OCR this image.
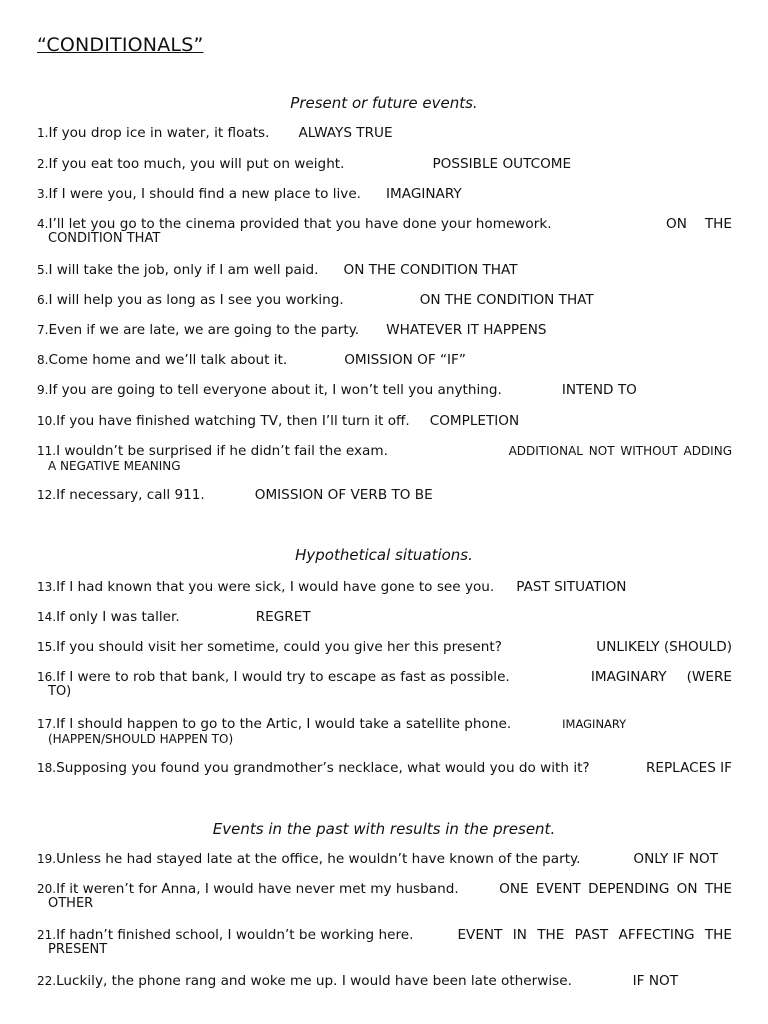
“CONDITIONALS”
Present or future events.
Hypothetical situations.
Events in the past with results in the present.
1. If you drop ice in water, it floats. ALWAYS TRUE
2. If you eat too much, you will put on weight.	POSSIBLE OUTCOME
3. If I were you, I should find a new place to live. IMAGINARY
4. I’ll let you go to the cinema provided that you have done your homework.	ON THE
CONDITION THAT
5. I will take the job, only if I am well paid. ON THE CONDITION THAT
6. I will help you as long as I see you working.	ON THE CONDITION THAT
7. Even if we are late, we are going to the party. WHATEVER IT HAPPENS
8. Come home and we’ll talk about it.	OMISSION OF “IF”
9. If you are going to tell everyone about it, I won’t tell you anything.	INTEND TO
10. If you have finished watching TV, then I’ll turn it off. COMPLETION
11. I wouldn’t be surprised if he didn’t fail the exam.	ADDITIONAL NOT WITHOUT ADDING
A NEGATIVE MEANING
12. If necessary, call 911.	OMISSION OF VERB TO BE
13. If I had known that you were sick, I would have gone to see you. PAST SITUATION
14. If only I was taller.	REGRET
15. If you should visit her sometime, could you give her this present?	UNLIKELY (SHOULD)
16. If I were to rob that bank, I would try to escape as fast as possible.	IMAGINARY (WERE
TO)
17. If I should happen to go to the Artic, I would take a satellite phone.	IMAGINARY
(HAPPEN/SHOULD HAPPEN TO)
18. Supposing you found you grandmother’s necklace, what would you do with it?	REPLACES IF
19. Unless he had stayed late at the office, he wouldn’t have known of the party.	ONLY IF NOT
20. If it weren’t for Anna, I would have never met my husband.	ONE EVENT DEPENDING ON THE
OTHER
21. If hadn’t finished school, I wouldn’t be working here.	EVENT IN THE PAST AFFECTING THE
PRESENT
22. Luckily, the phone rang and woke me up. I would have been late otherwise.	IF NOT
